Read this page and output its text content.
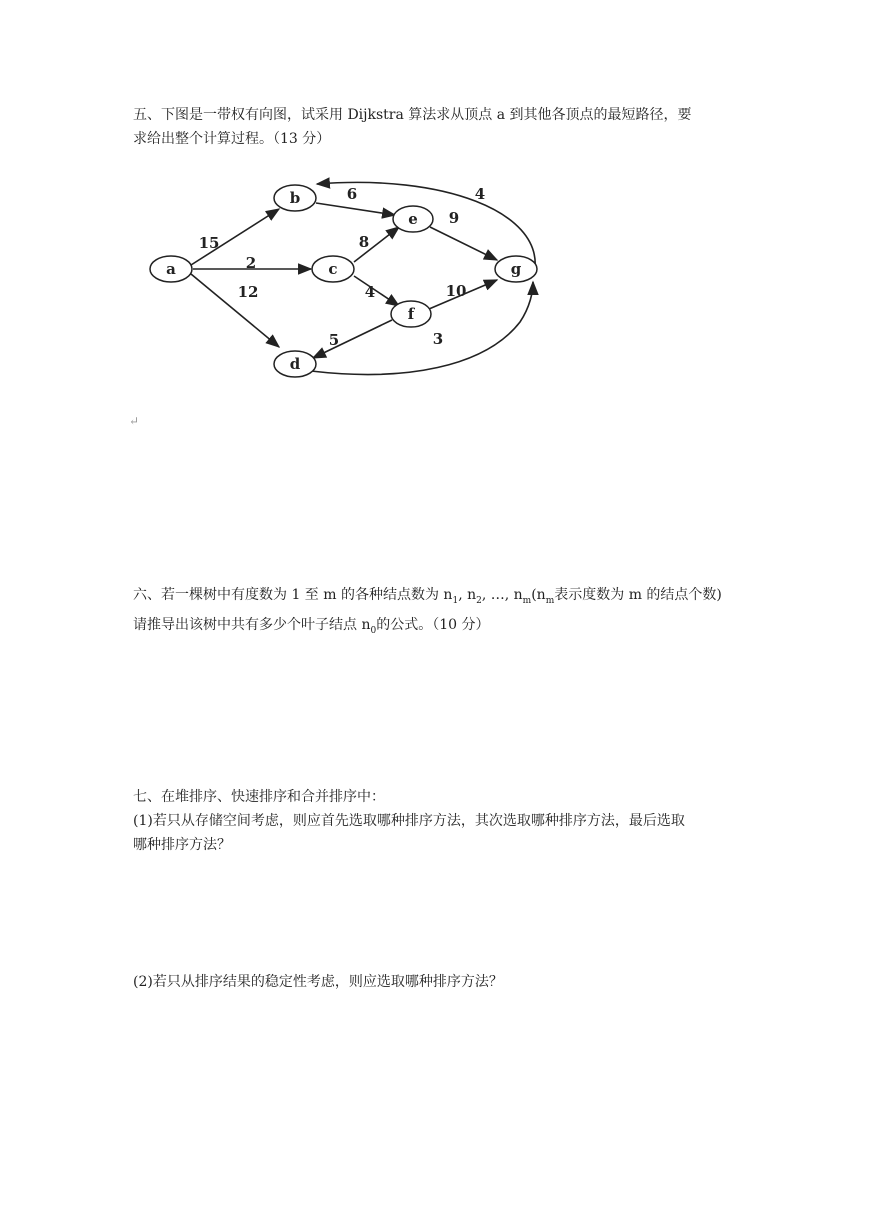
五、下图是一带权有向图，试采用 Dijkstra 算法求从顶点 a 到其他各顶点的最短路径，要
求给出整个计算过程。（13 分）
a
b
c
d
e
f
g
15
2
12
6
8
4
9
10
5	3
4
↵
六、若一棵树中有度数为 1 至 m 的各种结点数为 $n_1$, $n_2$, …, $n_m(n_m$表示度数为 m 的结点个数)
请推导出该树中共有多少个叶子结点 $n_0$的公式。（10 分）
七、在堆排序、快速排序和合并排序中：
(1)若只从存储空间考虑，则应首先选取哪种排序方法，其次选取哪种排序方法，最后选取
哪种排序方法？
(2)若只从排序结果的稳定性考虑，则应选取哪种排序方法？
